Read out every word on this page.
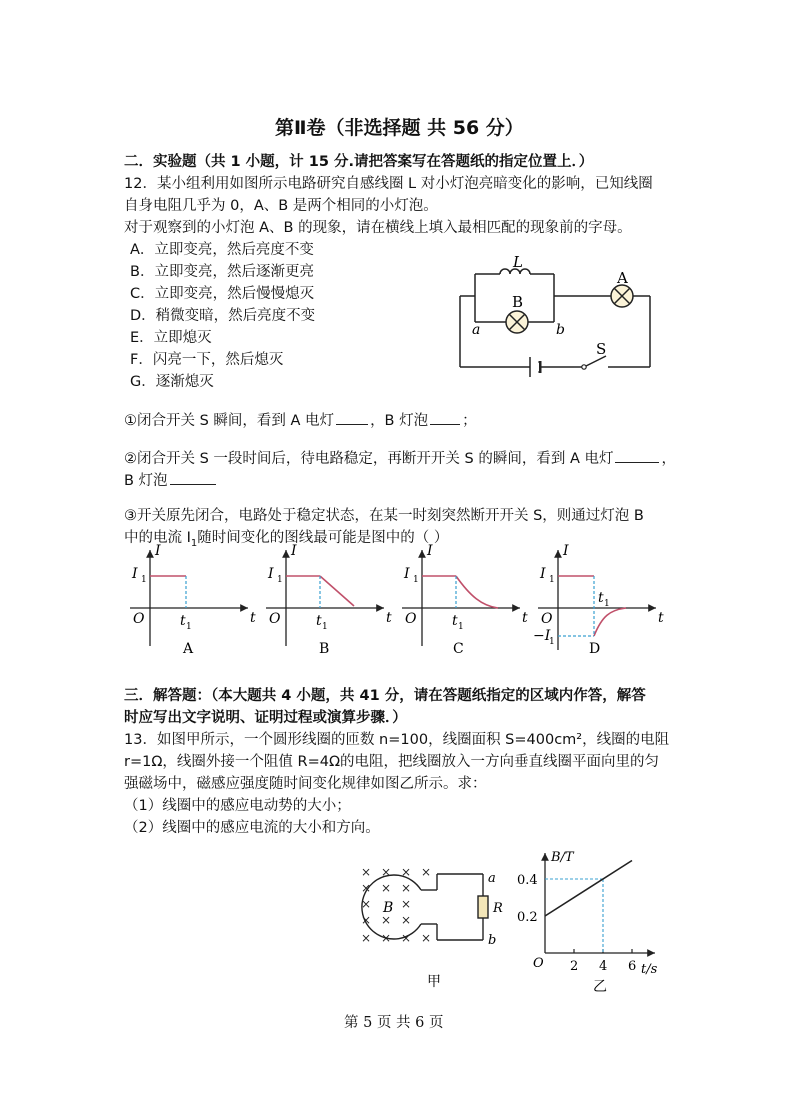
第Ⅱ卷（非选择题 共 56 分）
二．实验题（共 1 小题，计 15 分.请把答案写在答题纸的指定位置上．）
12．某小组利用如图所示电路研究自感线圈 L 对小灯泡亮暗变化的影响，已知线圈
自身电阻几乎为 0，A、B 是两个相同的小灯泡。
对于观察到的小灯泡 A、B 的现象，请在横线上填入最相匹配的现象前的字母。
A．立即变亮，然后亮度不变
B．立即变亮，然后逐渐更亮
C．立即变亮，然后慢慢熄灭
D．稍微变暗，然后亮度不变
E．立即熄灭
F．闪亮一下，然后熄灭
G．逐渐熄灭
L
A
B
a	b
S
①闭合开关 S 瞬间，看到 A 电灯 ，B 灯泡 ；
②闭合开关 S 一段时间后，待电路稳定，再断开开关 S 的瞬间，看到 A 电灯	，
B 灯泡
③开关原先闭合，电路处于稳定状态，在某一时刻突然断开开关 S，则通过灯泡 B
中的电流 $I_1$随时间变化的图线最可能是图中的（ ）
I
t
O
I 1
t 1
A
I
t
O
I 1
t 1
B
I
t
O
I 1
t 1
C
I
t
O
I 1
t 1
−I
1 D
三．解答题：（本大题共 4 小题，共 41 分，请在答题纸指定的区域内作答，解答
时应写出文字说明、证明过程或演算步骤．）
13．如图甲所示，一个圆形线圈的匝数 n=100，线圈面积 S=400cm²，线圈的电阻
r=1Ω，线圈外接一个阻值 R=4Ω的电阻，把线圈放入一方向垂直线圈平面向里的匀
强磁场中，磁感应强度随时间变化规律如图乙所示。求：
（1）线圈中的感应电动势的大小；
（2）线圈中的感应电流的大小和方向。
× × × ×
× × ×
× ×
× × ×
× × × ×
B
a
b
R
甲
B/T
t/s
O 2 4 6
0.2
0.4
乙
第 5 页 共 6 页
